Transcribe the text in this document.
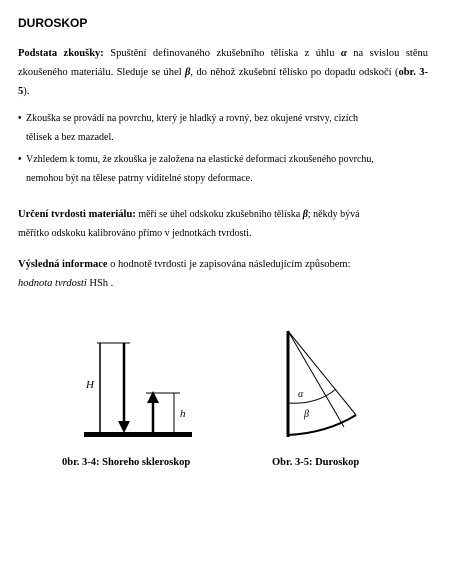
DUROSKOP
Podstata zkoušky: Spuštění definovaného zkušebního tělíska z úhlu α na svislou stěnu zkoušeného materiálu. Sleduje se úhel β, do něhož zkušební tělísko po dopadu odskočí (obr. 3-5).
• Zkouška se provádí na povrchu, který je hladký a rovný, bez okujené vrstvy, cizích
tělísek a bez mazadel.
• Vzhledem k tomu, že zkouška je založena na elastické deformaci zkoušeného povrchu,
nemohou být na tělese patrny viditelné stopy deformace.
Určení tvrdosti materiálu: měří se úhel odskoku zkušebního tělíska β; někdy bývá
měřítko odskoku kalibrováno přímo v jednotkách tvrdosti.
Výsledná informace o hodnotě tvrdosti je zapisována následujícím způsobem:
hodnota tvrdosti HSh .
H
h
0br. 3-4: Shoreho skleroskop
α
β
Obr. 3-5: Duroskop
